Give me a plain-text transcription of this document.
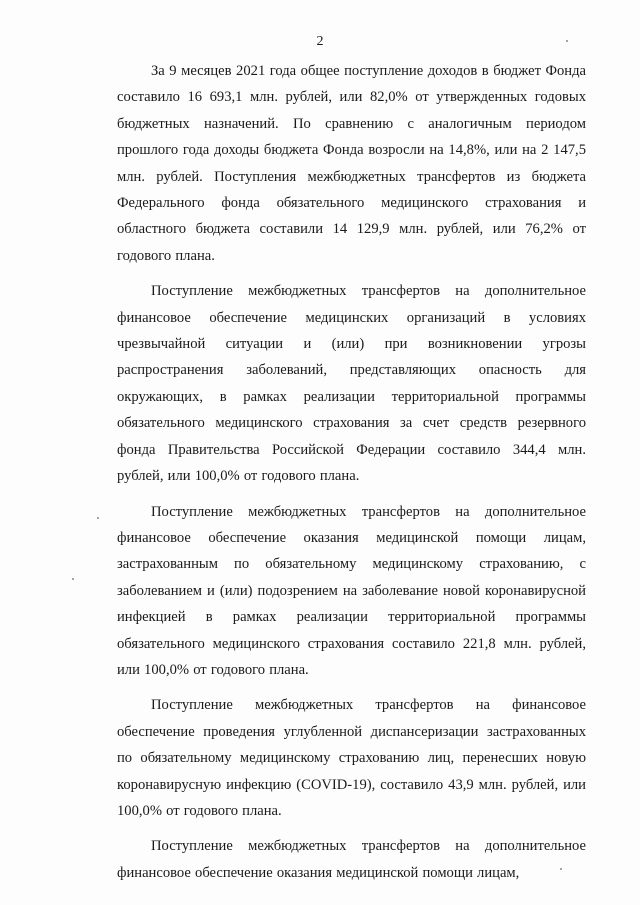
2

За 9 месяцев 2021 года общее поступление доходов в бюджет Фонда составило 16 693,1 млн. рублей, или 82,0% от утвержденных годовых бюджетных назначений. По сравнению с аналогичным периодом прошлого года доходы бюджета Фонда возросли на 14,8%, или на 2 147,5 млн. рублей. Поступления межбюджетных трансфертов из бюджета Федерального фонда обязательного медицинского страхования и областного бюджета составили 14 129,9 млн. рублей, или 76,2% от годового плана.

Поступление межбюджетных трансфертов на дополнительное финансовое обеспечение медицинских организаций в условиях чрезвычайной ситуации и (или) при возникновении угрозы распространения заболеваний, представляющих опасность для окружающих, в рамках реализации территориальной программы обязательного медицинского страхования за счет средств резервного фонда Правительства Российской Федерации составило 344,4 млн. рублей, или 100,0% от годового плана.

Поступление межбюджетных трансфертов на дополнительное финансовое обеспечение оказания медицинской помощи лицам, застрахованным по обязательному медицинскому страхованию, с заболеванием и (или) подозрением на заболевание новой коронавирусной инфекцией в рамках реализации территориальной программы обязательного медицинского страхования составило 221,8 млн. рублей, или 100,0% от годового плана.

Поступление межбюджетных трансфертов на финансовое обеспечение проведения углубленной диспансеризации застрахованных по обязательному медицинскому страхованию лиц, перенесших новую коронавирусную инфекцию (COVID-19), составило 43,9 млн. рублей, или 100,0% от годового плана.

Поступление межбюджетных трансфертов на дополнительное финансовое обеспечение оказания медицинской помощи лицам,
